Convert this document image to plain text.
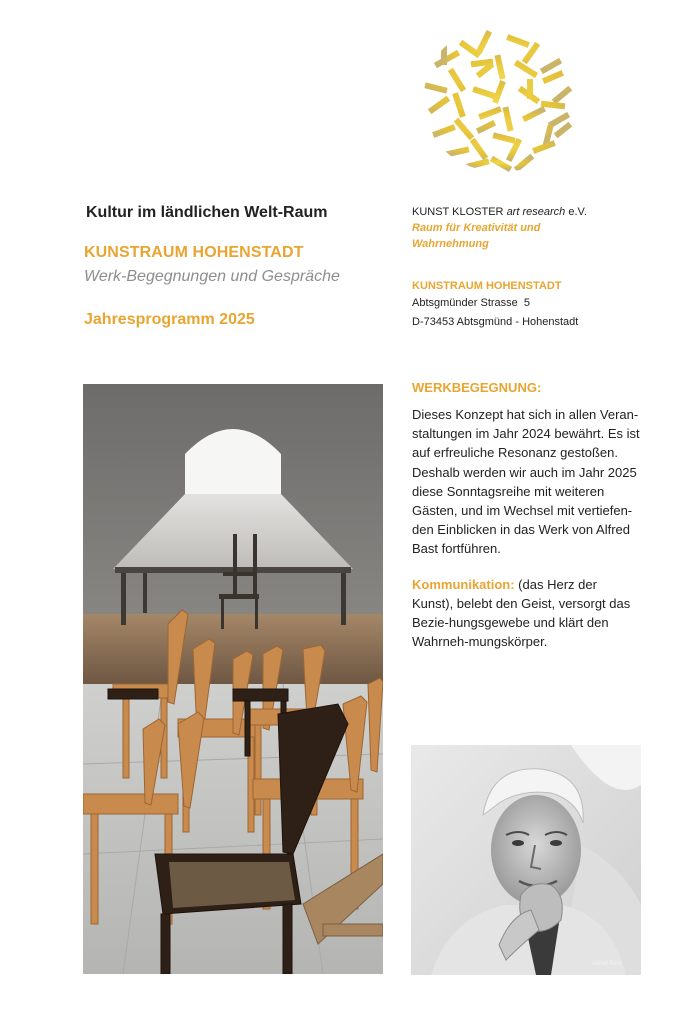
Kultur im ländlichen Welt-Raum
KUNSTRAUM HOHENSTADT
Werk-Begegnungen und Gespräche
Jahresprogramm 2025
KUNST KLOSTER art research e.V.
Raum für Kreativität und Wahrnehmung
KUNSTRAUM HOHENSTADT
Abtsgmünder Strasse  5
D-73453 Abtsgmünd - Hohenstadt
WERKBEGEGNUNG:
Dieses Konzept hat sich in allen Veran-staltungen im Jahr 2024 bewährt. Es ist auf erfreuliche Resonanz gestoßen. Deshalb werden wir auch im Jahr 2025 diese Sonntagsreihe mit weiteren Gästen, und im Wechsel mit vertiefen-den Einblicken in das Werk von Alfred Bast fortführen.
Kommunikation: (das Herz der Kunst), belebt den Geist, versorgt das Bezie-hungsgewebe und klärt den Wahrneh-mungskörper.
Alfred Bast
